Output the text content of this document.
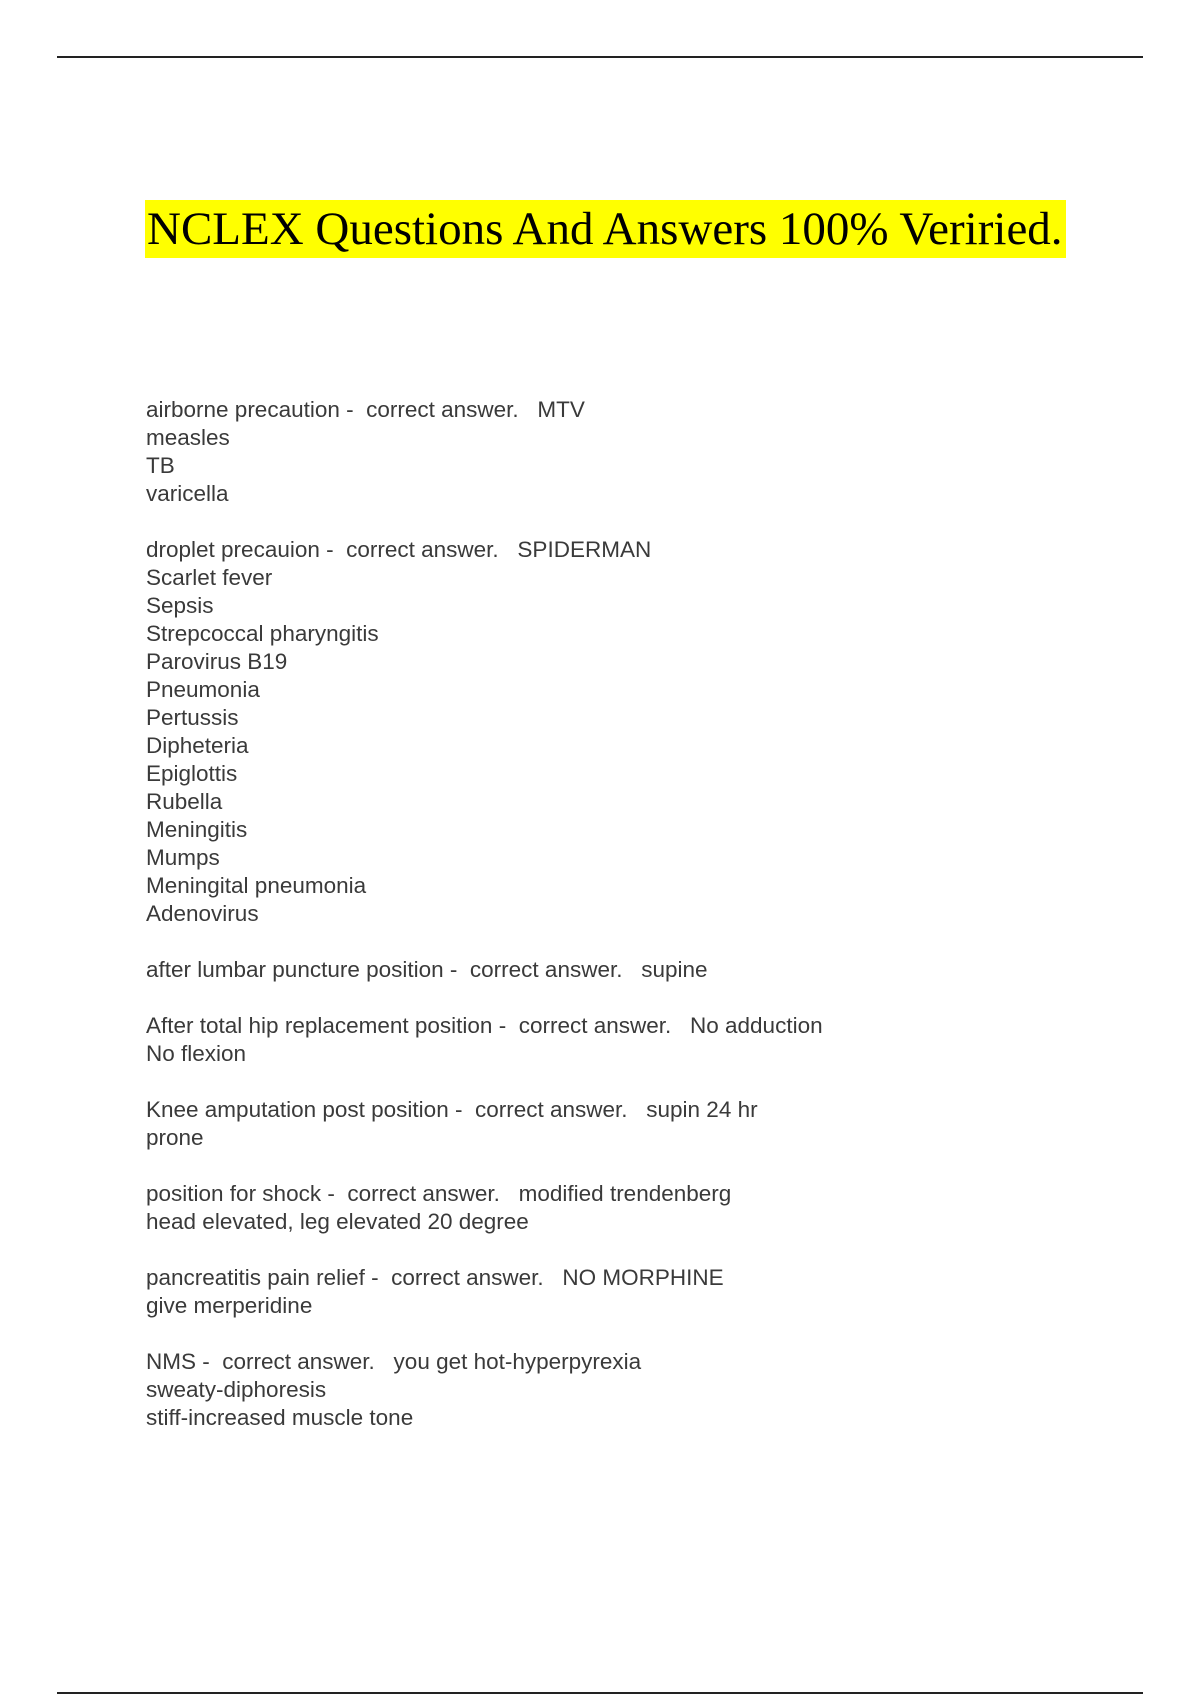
NCLEX Questions And Answers 100% Veriried.

airborne precaution -  correct answer.   MTV

measles

TB

varicella

droplet precauion -  correct answer.   SPIDERMAN

Scarlet fever

Sepsis

Strepcoccal pharyngitis

Parovirus B19

Pneumonia

Pertussis

Dipheteria

Epiglottis

Rubella

Meningitis

Mumps

Meningital pneumonia

Adenovirus

after lumbar puncture position -  correct answer.   supine

After total hip replacement position -  correct answer.   No adduction

No flexion

Knee amputation post position -  correct answer.   supin 24 hr

prone

position for shock -  correct answer.   modified trendenberg

head elevated, leg elevated 20 degree

pancreatitis pain relief -  correct answer.   NO MORPHINE

give merperidine

NMS -  correct answer.   you get hot-hyperpyrexia

sweaty-diphoresis

stiff-increased muscle tone
